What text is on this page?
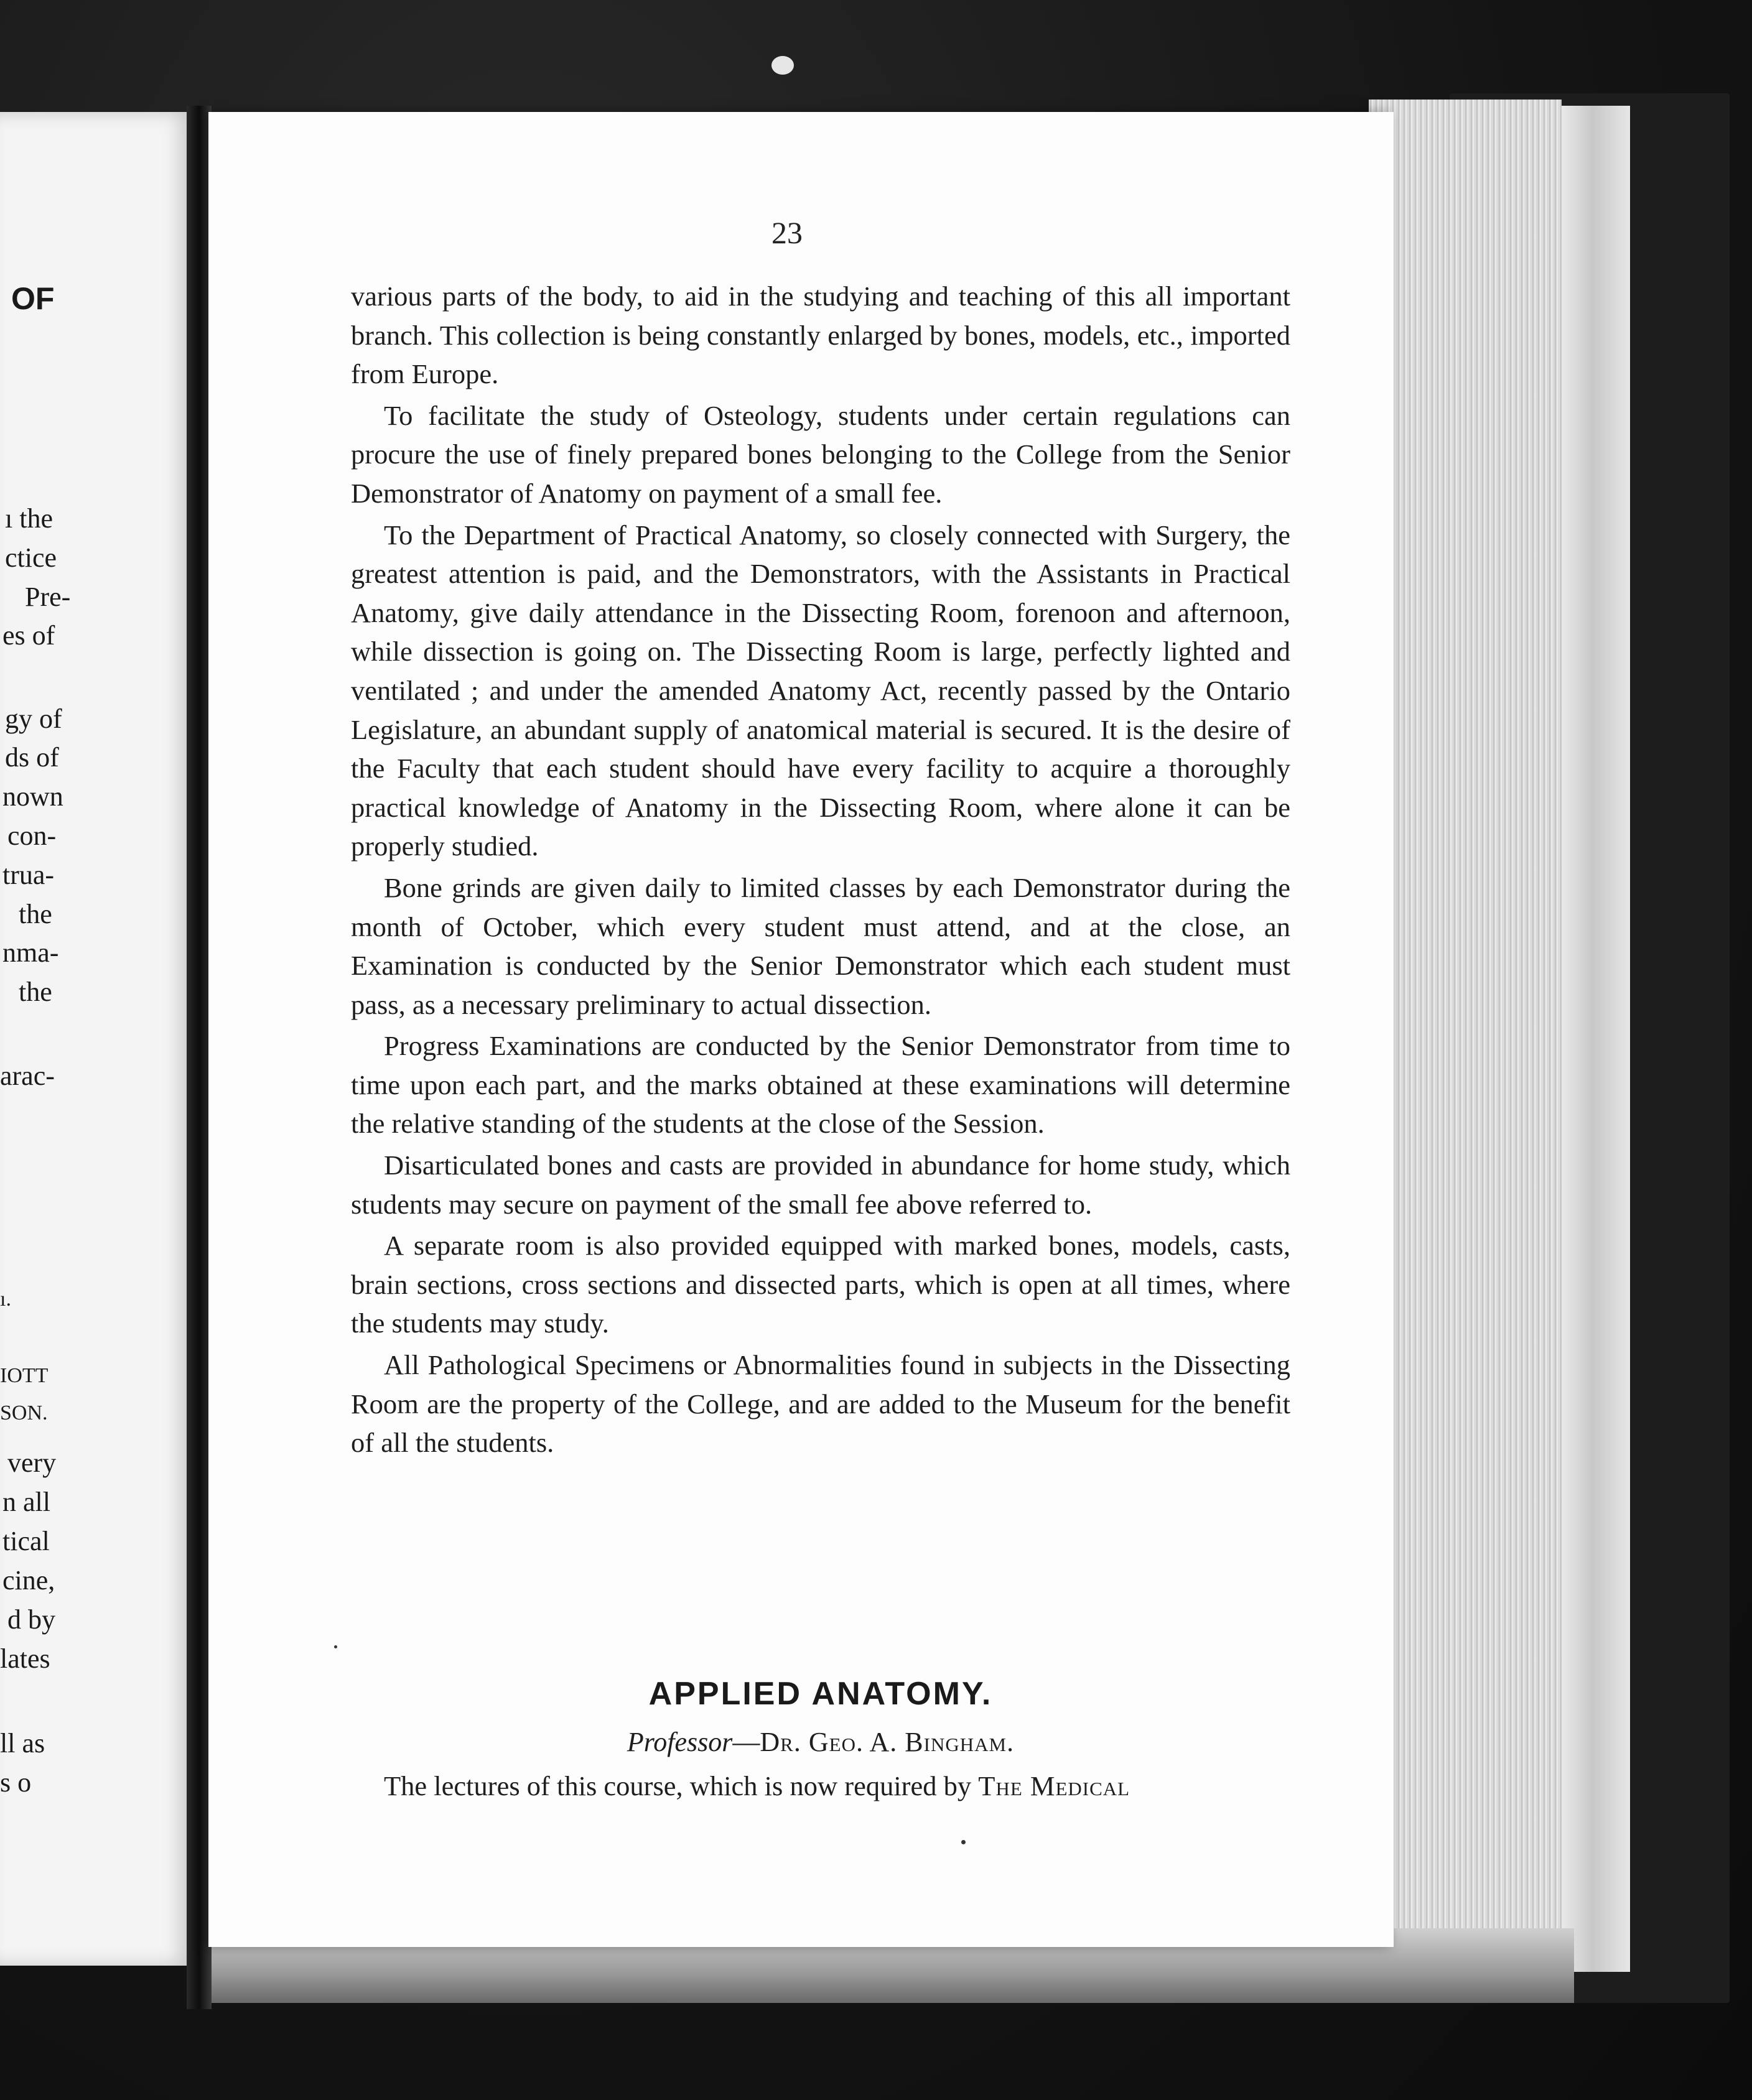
OF
ı the
ctice
Pre-
es of
gy of
ds of
nown
con-
trua-
the
nma-
the
arac-
ı.
IOTT
SON.
very
n all
tical
cine,
d by
lates
ll as
s o
23

various parts of the body, to aid in the studying and teaching of this all important branch. This collection is being constantly enlarged by bones, models, etc., imported from Europe.

To facilitate the study of Osteology, students under certain regulations can procure the use of finely prepared bones belonging to the College from the Senior Demonstrator of Anatomy on payment of a small fee.

To the Department of Practical Anatomy, so closely connected with Surgery, the greatest attention is paid, and the Demonstrators, with the Assistants in Practical Anatomy, give daily attendance in the Dissecting Room, forenoon and afternoon, while dissection is going on. The Dissecting Room is large, perfectly lighted and ventilated ; and under the amended Anatomy Act, recently passed by the Ontario Legislature, an abundant supply of anatomical material is secured. It is the desire of the Faculty that each student should have every facility to acquire a thoroughly practical knowledge of Anatomy in the Dissecting Room, where alone it can be properly studied.

Bone grinds are given daily to limited classes by each Demonstrator during the month of October, which every student must attend, and at the close, an Examination is conducted by the Senior Demonstrator which each student must pass, as a necessary preliminary to actual dissection.

Progress Examinations are conducted by the Senior Demonstrator from time to time upon each part, and the marks obtained at these examinations will determine the relative standing of the students at the close of the Session.

Disarticulated bones and casts are provided in abundance for home study, which students may secure on payment of the small fee above referred to.

A separate room is also provided equipped with marked bones, models, casts, brain sections, cross sections and dissected parts, which is open at all times, where the students may study.

All Pathological Specimens or Abnormalities found in subjects in the Dissecting Room are the property of the College, and are added to the Museum for the benefit of all the students.

APPLIED ANATOMY.
Professor—Dr. Geo. A. Bingham.
The lectures of this course, which is now required by The Medical
